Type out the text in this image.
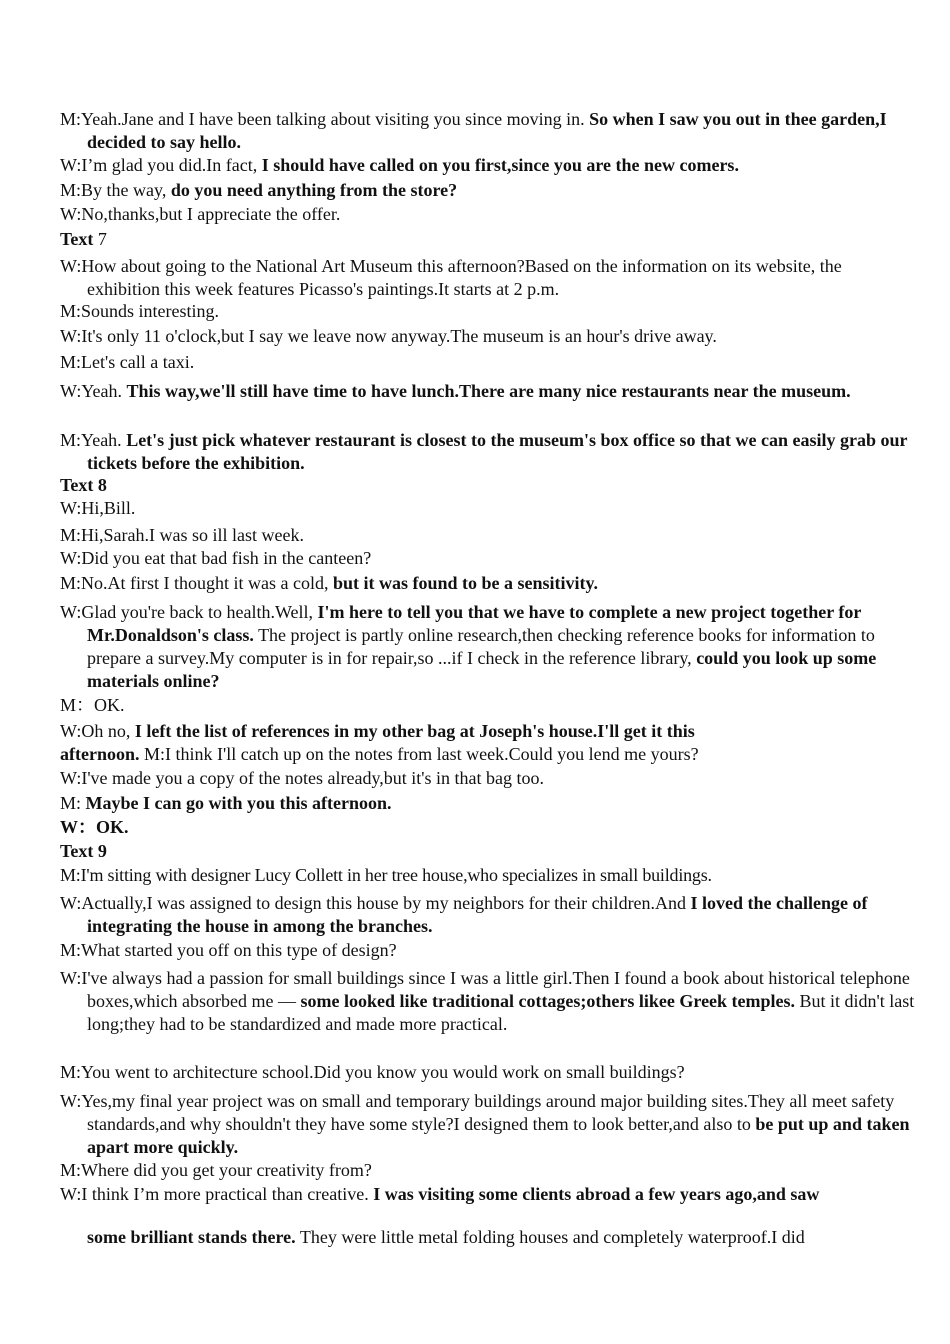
M:Yeah.Jane and I have been talking about visiting you since moving in. So when I saw you out in thee garden,I decided to say hello.
W:I’m glad you did.In fact, I should have called on you first,since you are the new comers.
M:By the way, do you need anything from the store?
W:No,thanks,but I appreciate the offer.
Text 7
W:How about going to the National Art Museum this afternoon?Based on the information on its website, the exhibition this week features Picasso's paintings.It starts at 2 p.m.
M:Sounds interesting.
W:It's only 11 o'clock,but I say we leave now anyway.The museum is an hour's drive away.
M:Let's call a taxi.
W:Yeah. This way,we'll still have time to have lunch.There are many nice restaurants near the museum.
M:Yeah. Let's just pick whatever restaurant is closest to the museum's box office so that we can easily grab our tickets before the exhibition.
Text 8
W:Hi,Bill.
M:Hi,Sarah.I was so ill last week.
W:Did you eat that bad fish in the canteen?
M:No.At first I thought it was a cold, but it was found to be a sensitivity.
W:Glad you're back to health.Well, I'm here to tell you that we have to complete a new project together for Mr.Donaldson's class. The project is partly online research,then checking reference books for information to prepare a survey.My computer is in for repair,so ...if I check in the reference library, could you look up some materials online?
M：OK.
W:Oh no, I left the list of references in my other bag at Joseph's house.I'll get it this
afternoon. M:I think I'll catch up on the notes from last week.Could you lend me yours?
W:I've made you a copy of the notes already,but it's in that bag too.
M: Maybe I can go with you this afternoon.
W：OK.
Text 9
M:I'm sitting with designer Lucy Collett in her tree house,who specializes in small buildings.
W:Actually,I was assigned to design this house by my neighbors for their children.And I loved the challenge of integrating the house in among the branches.
M:What started you off on this type of design?
W:I've always had a passion for small buildings since I was a little girl.Then I found a book about historical telephone boxes,which absorbed me — some looked like traditional cottages;others likee Greek temples. But it didn't last long;they had to be standardized and made more practical.
M:You went to architecture school.Did you know you would work on small buildings?
W:Yes,my final year project was on small and temporary buildings around major building sites.They all meet safety standards,and why shouldn't they have some style?I designed them to look better,and also to be put up and taken apart more quickly.
M:Where did you get your creativity from?
W:I think I’m more practical than creative. I was visiting some clients abroad a few years ago,and saw
some brilliant stands there. They were little metal folding houses and completely waterproof.I did
